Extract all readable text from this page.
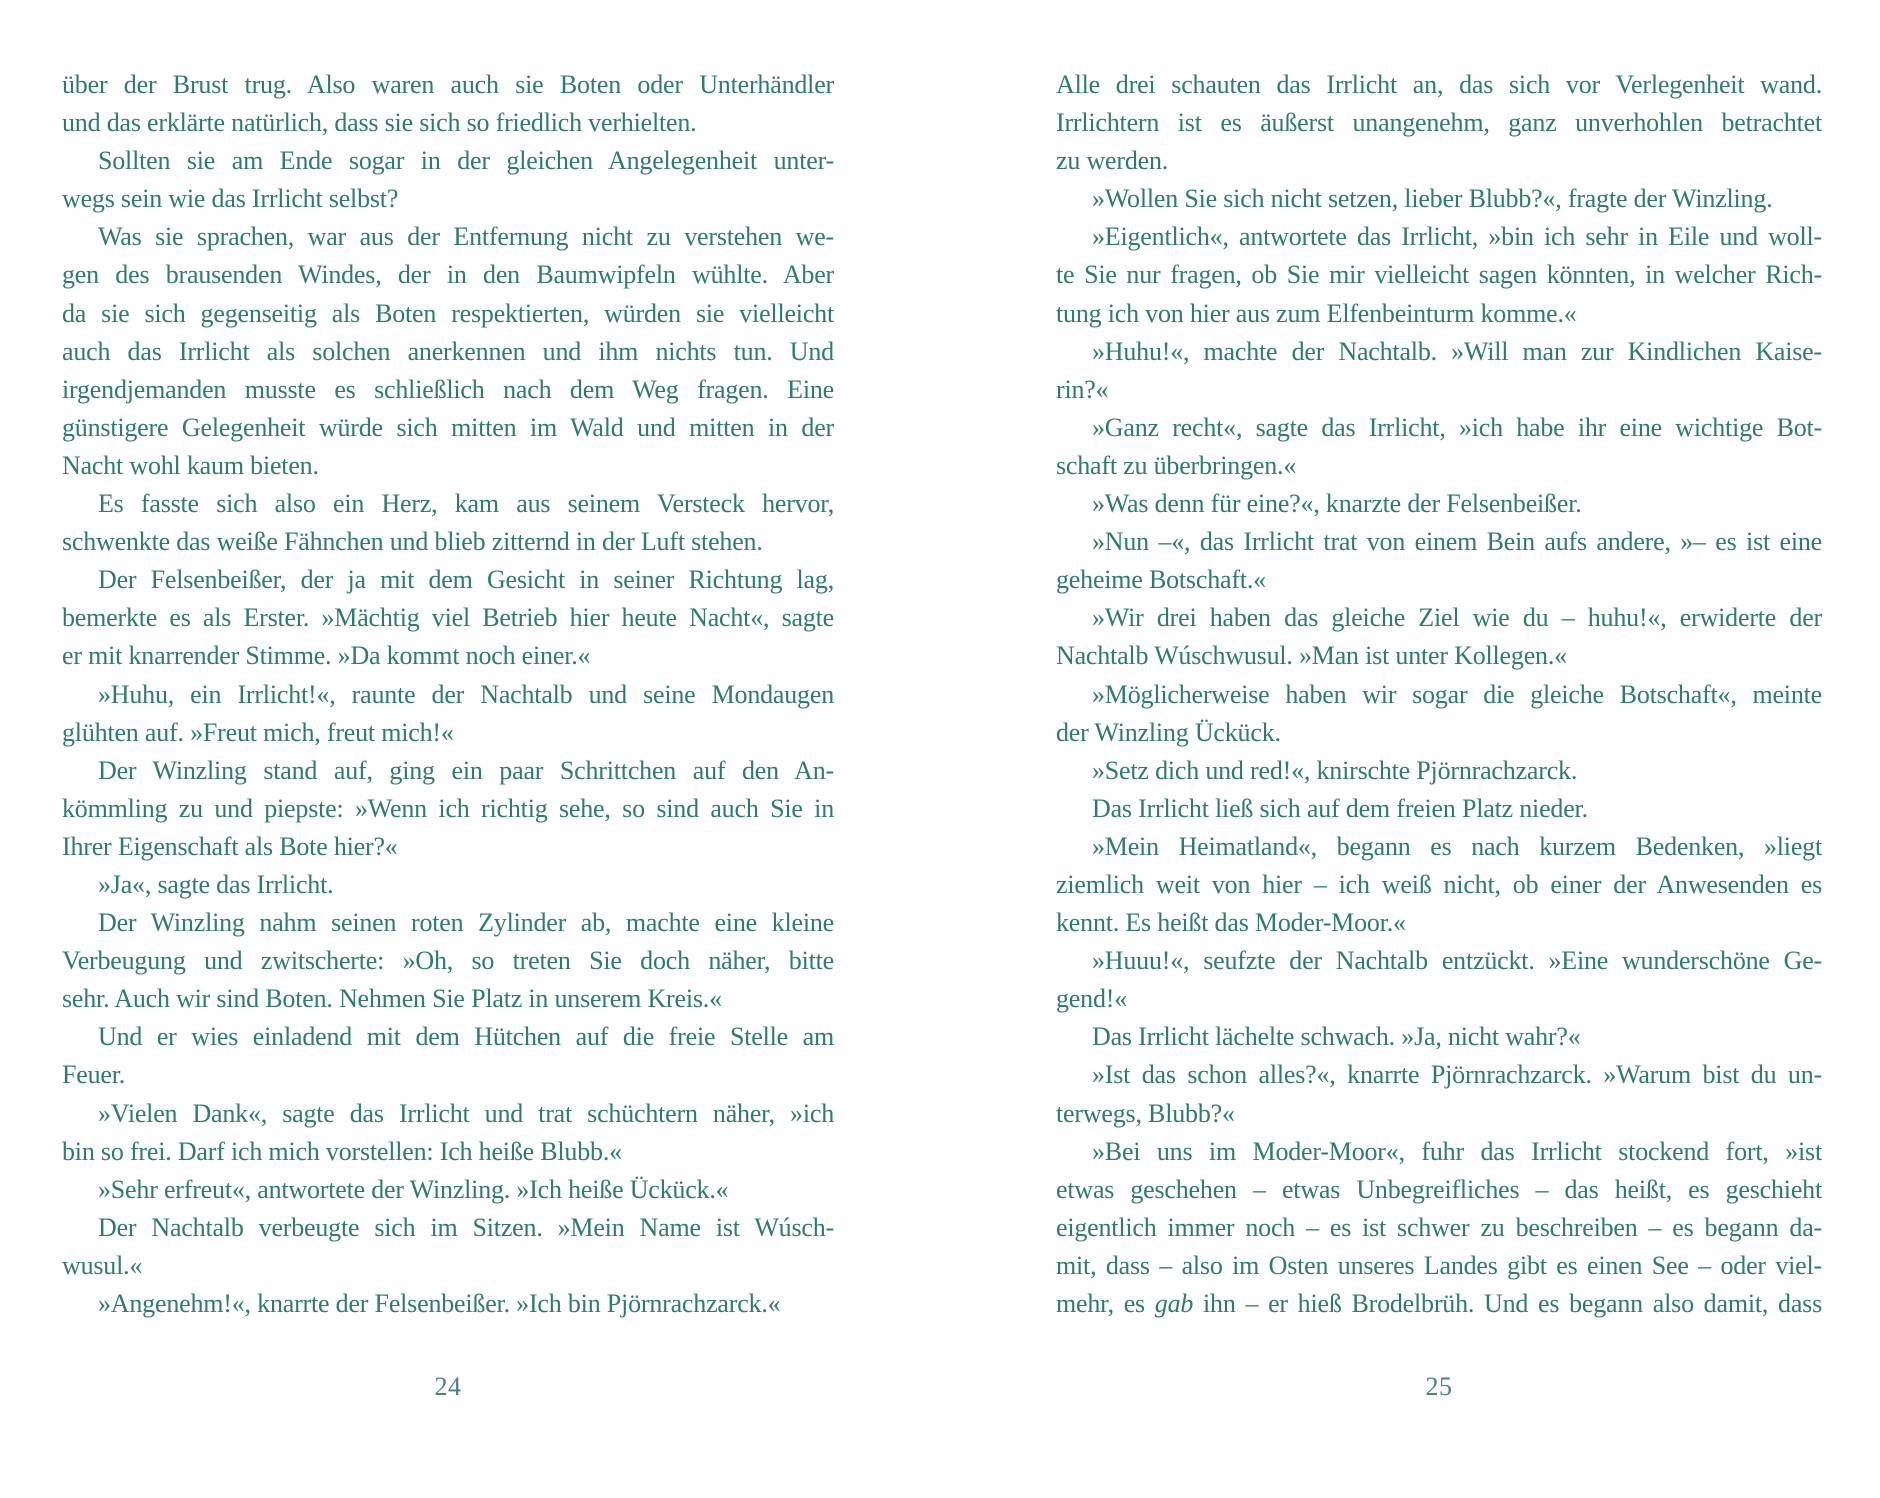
über der Brust trug. Also waren auch sie Boten oder Unterhändler
und das erklärte natürlich, dass sie sich so friedlich verhielten.
Sollten sie am Ende sogar in der gleichen Angelegenheit unter-
wegs sein wie das Irrlicht selbst?
Was sie sprachen, war aus der Entfernung nicht zu verstehen we-
gen des brausenden Windes, der in den Baumwipfeln wühlte. Aber
da sie sich gegenseitig als Boten respektierten, würden sie vielleicht
auch das Irrlicht als solchen anerkennen und ihm nichts tun. Und
irgendjemanden musste es schließlich nach dem Weg fragen. Eine
günstigere Gelegenheit würde sich mitten im Wald und mitten in der
Nacht wohl kaum bieten.
Es fasste sich also ein Herz, kam aus seinem Versteck hervor,
schwenkte das weiße Fähnchen und blieb zitternd in der Luft stehen.
Der Felsenbeißer, der ja mit dem Gesicht in seiner Richtung lag,
bemerkte es als Erster. »Mächtig viel Betrieb hier heute Nacht«, sagte
er mit knarrender Stimme. »Da kommt noch einer.«
»Huhu, ein Irrlicht!«, raunte der Nachtalb und seine Mondaugen
glühten auf. »Freut mich, freut mich!«
Der Winzling stand auf, ging ein paar Schrittchen auf den An-
kömmling zu und piepste: »Wenn ich richtig sehe, so sind auch Sie in
Ihrer Eigenschaft als Bote hier?«
»Ja«, sagte das Irrlicht.
Der Winzling nahm seinen roten Zylinder ab, machte eine kleine
Verbeugung und zwitscherte: »Oh, so treten Sie doch näher, bitte
sehr. Auch wir sind Boten. Nehmen Sie Platz in unserem Kreis.«
Und er wies einladend mit dem Hütchen auf die freie Stelle am
Feuer.
»Vielen Dank«, sagte das Irrlicht und trat schüchtern näher, »ich
bin so frei. Darf ich mich vorstellen: Ich heiße Blubb.«
»Sehr erfreut«, antwortete der Winzling. »Ich heiße Ückück.«
Der Nachtalb verbeugte sich im Sitzen. »Mein Name ist Wúsch-
wusul.«
»Angenehm!«, knarrte der Felsenbeißer. »Ich bin Pjörnrachzarck.«
24
Alle drei schauten das Irrlicht an, das sich vor Verlegenheit wand.
Irrlichtern ist es äußerst unangenehm, ganz unverhohlen betrachtet
zu werden.
»Wollen Sie sich nicht setzen, lieber Blubb?«, fragte der Winzling.
»Eigentlich«, antwortete das Irrlicht, »bin ich sehr in Eile und woll-
te Sie nur fragen, ob Sie mir vielleicht sagen könnten, in welcher Rich-
tung ich von hier aus zum Elfenbeinturm komme.«
»Huhu!«, machte der Nachtalb. »Will man zur Kindlichen Kaise-
rin?«
»Ganz recht«, sagte das Irrlicht, »ich habe ihr eine wichtige Bot-
schaft zu überbringen.«
»Was denn für eine?«, knarzte der Felsenbeißer.
»Nun –«, das Irrlicht trat von einem Bein aufs andere, »– es ist eine
geheime Botschaft.«
»Wir drei haben das gleiche Ziel wie du – huhu!«, erwiderte der
Nachtalb Wúschwusul. »Man ist unter Kollegen.«
»Möglicherweise haben wir sogar die gleiche Botschaft«, meinte
der Winzling Ückück.
»Setz dich und red!«, knirschte Pjörnrachzarck.
Das Irrlicht ließ sich auf dem freien Platz nieder.
»Mein Heimatland«, begann es nach kurzem Bedenken, »liegt
ziemlich weit von hier – ich weiß nicht, ob einer der Anwesenden es
kennt. Es heißt das Moder-Moor.«
»Huuu!«, seufzte der Nachtalb entzückt. »Eine wunderschöne Ge-
gend!«
Das Irrlicht lächelte schwach. »Ja, nicht wahr?«
»Ist das schon alles?«, knarrte Pjörnrachzarck. »Warum bist du un-
terwegs, Blubb?«
»Bei uns im Moder-Moor«, fuhr das Irrlicht stockend fort, »ist
etwas geschehen – etwas Unbegreifliches – das heißt, es geschieht
eigentlich immer noch – es ist schwer zu beschreiben – es begann da-
mit, dass – also im Osten unseres Landes gibt es einen See – oder viel-
mehr, es gab ihn – er hieß Brodelbrüh. Und es begann also damit, dass
25
